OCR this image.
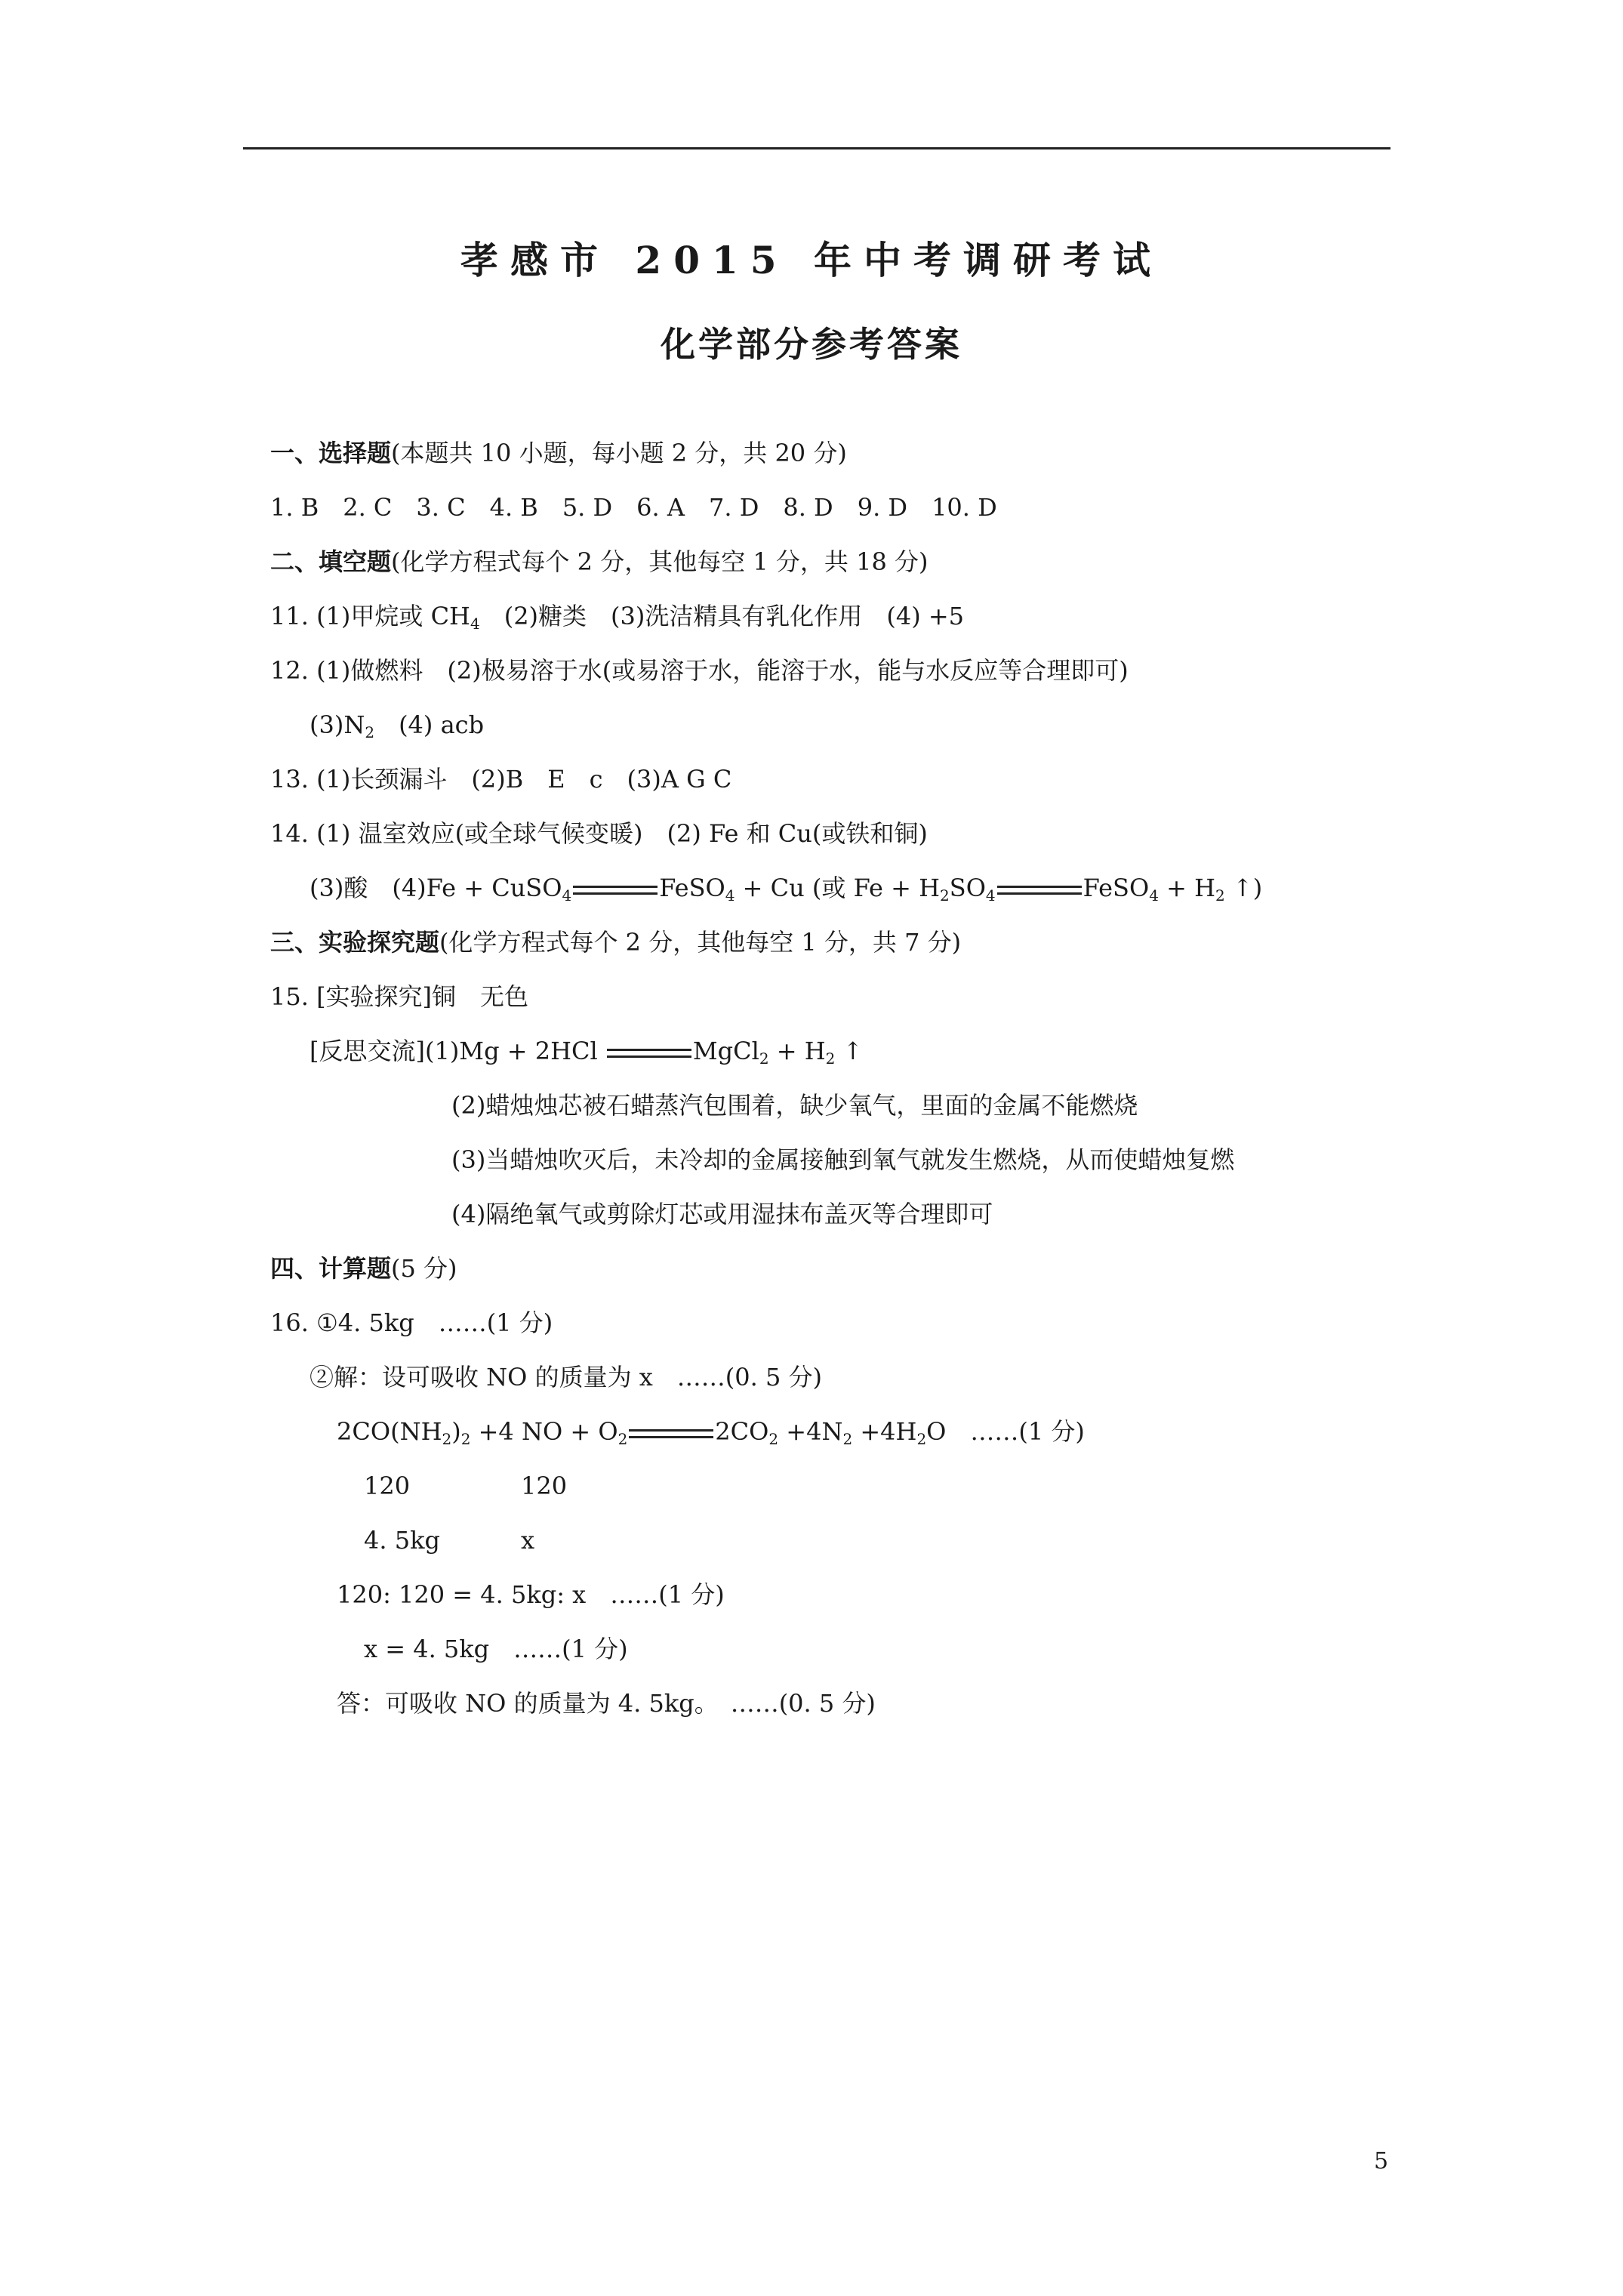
孝感市 2015 年中考调研考试
化学部分参考答案
一、选择题(本题共 10 小题，每小题 2 分，共 20 分)
1. B　2. C　3. C　4. B　5. D　6. A　7. D　8. D　9. D　10. D
二、填空题(化学方程式每个 2 分，其他每空 1 分，共 18 分)
11. (1)甲烷或 $CH_4$　(2)糖类　(3)洗洁精具有乳化作用　(4) +5
12. (1)做燃料　(2)极易溶于水(或易溶于水，能溶于水，能与水反应等合理即可)
$(3)N_2$　(4) acb
13. (1)长颈漏斗　(2)B　E　c　(3)A G C
14. (1) 温室效应(或全球气候变暖)　(2) Fe 和 Cu(或铁和铜)
(3)酸　(4)Fe + CuSO$_4$	FeSO$_4$ + Cu (或 $Fe + H_2SO_4$	FeSO$_4$ + $H_2$ ↑)
三、实验探究题(化学方程式每个 2 分，其他每空 1 分，共 7 分)
15. [实验探究]铜　无色
[反思交流](1)Mg + 2HCl	MgCl$_2$ + $H_2$ ↑
(2)蜡烛烛芯被石蜡蒸汽包围着，缺少氧气，里面的金属不能燃烧
(3)当蜡烛吹灭后，未冷却的金属接触到氧气就发生燃烧，从而使蜡烛复燃
(4)隔绝氧气或剪除灯芯或用湿抹布盖灭等合理即可
四、计算题(5 分)
16. ①4. 5kg　……(1 分)
②解：设可吸收 NO 的质量为 x　……(0. 5 分)
$2CO(NH_2)_2 +4$ NO + $O_2$	$2CO_2 +4N_2 +4H_2O$　……(1 分)
120	120
4. 5kg	x
120: 120 = 4. 5kg: x　……(1 分)
x = 4. 5kg　……(1 分)
答：可吸收 NO 的质量为 4. 5kg。　……(0. 5 分)
5
